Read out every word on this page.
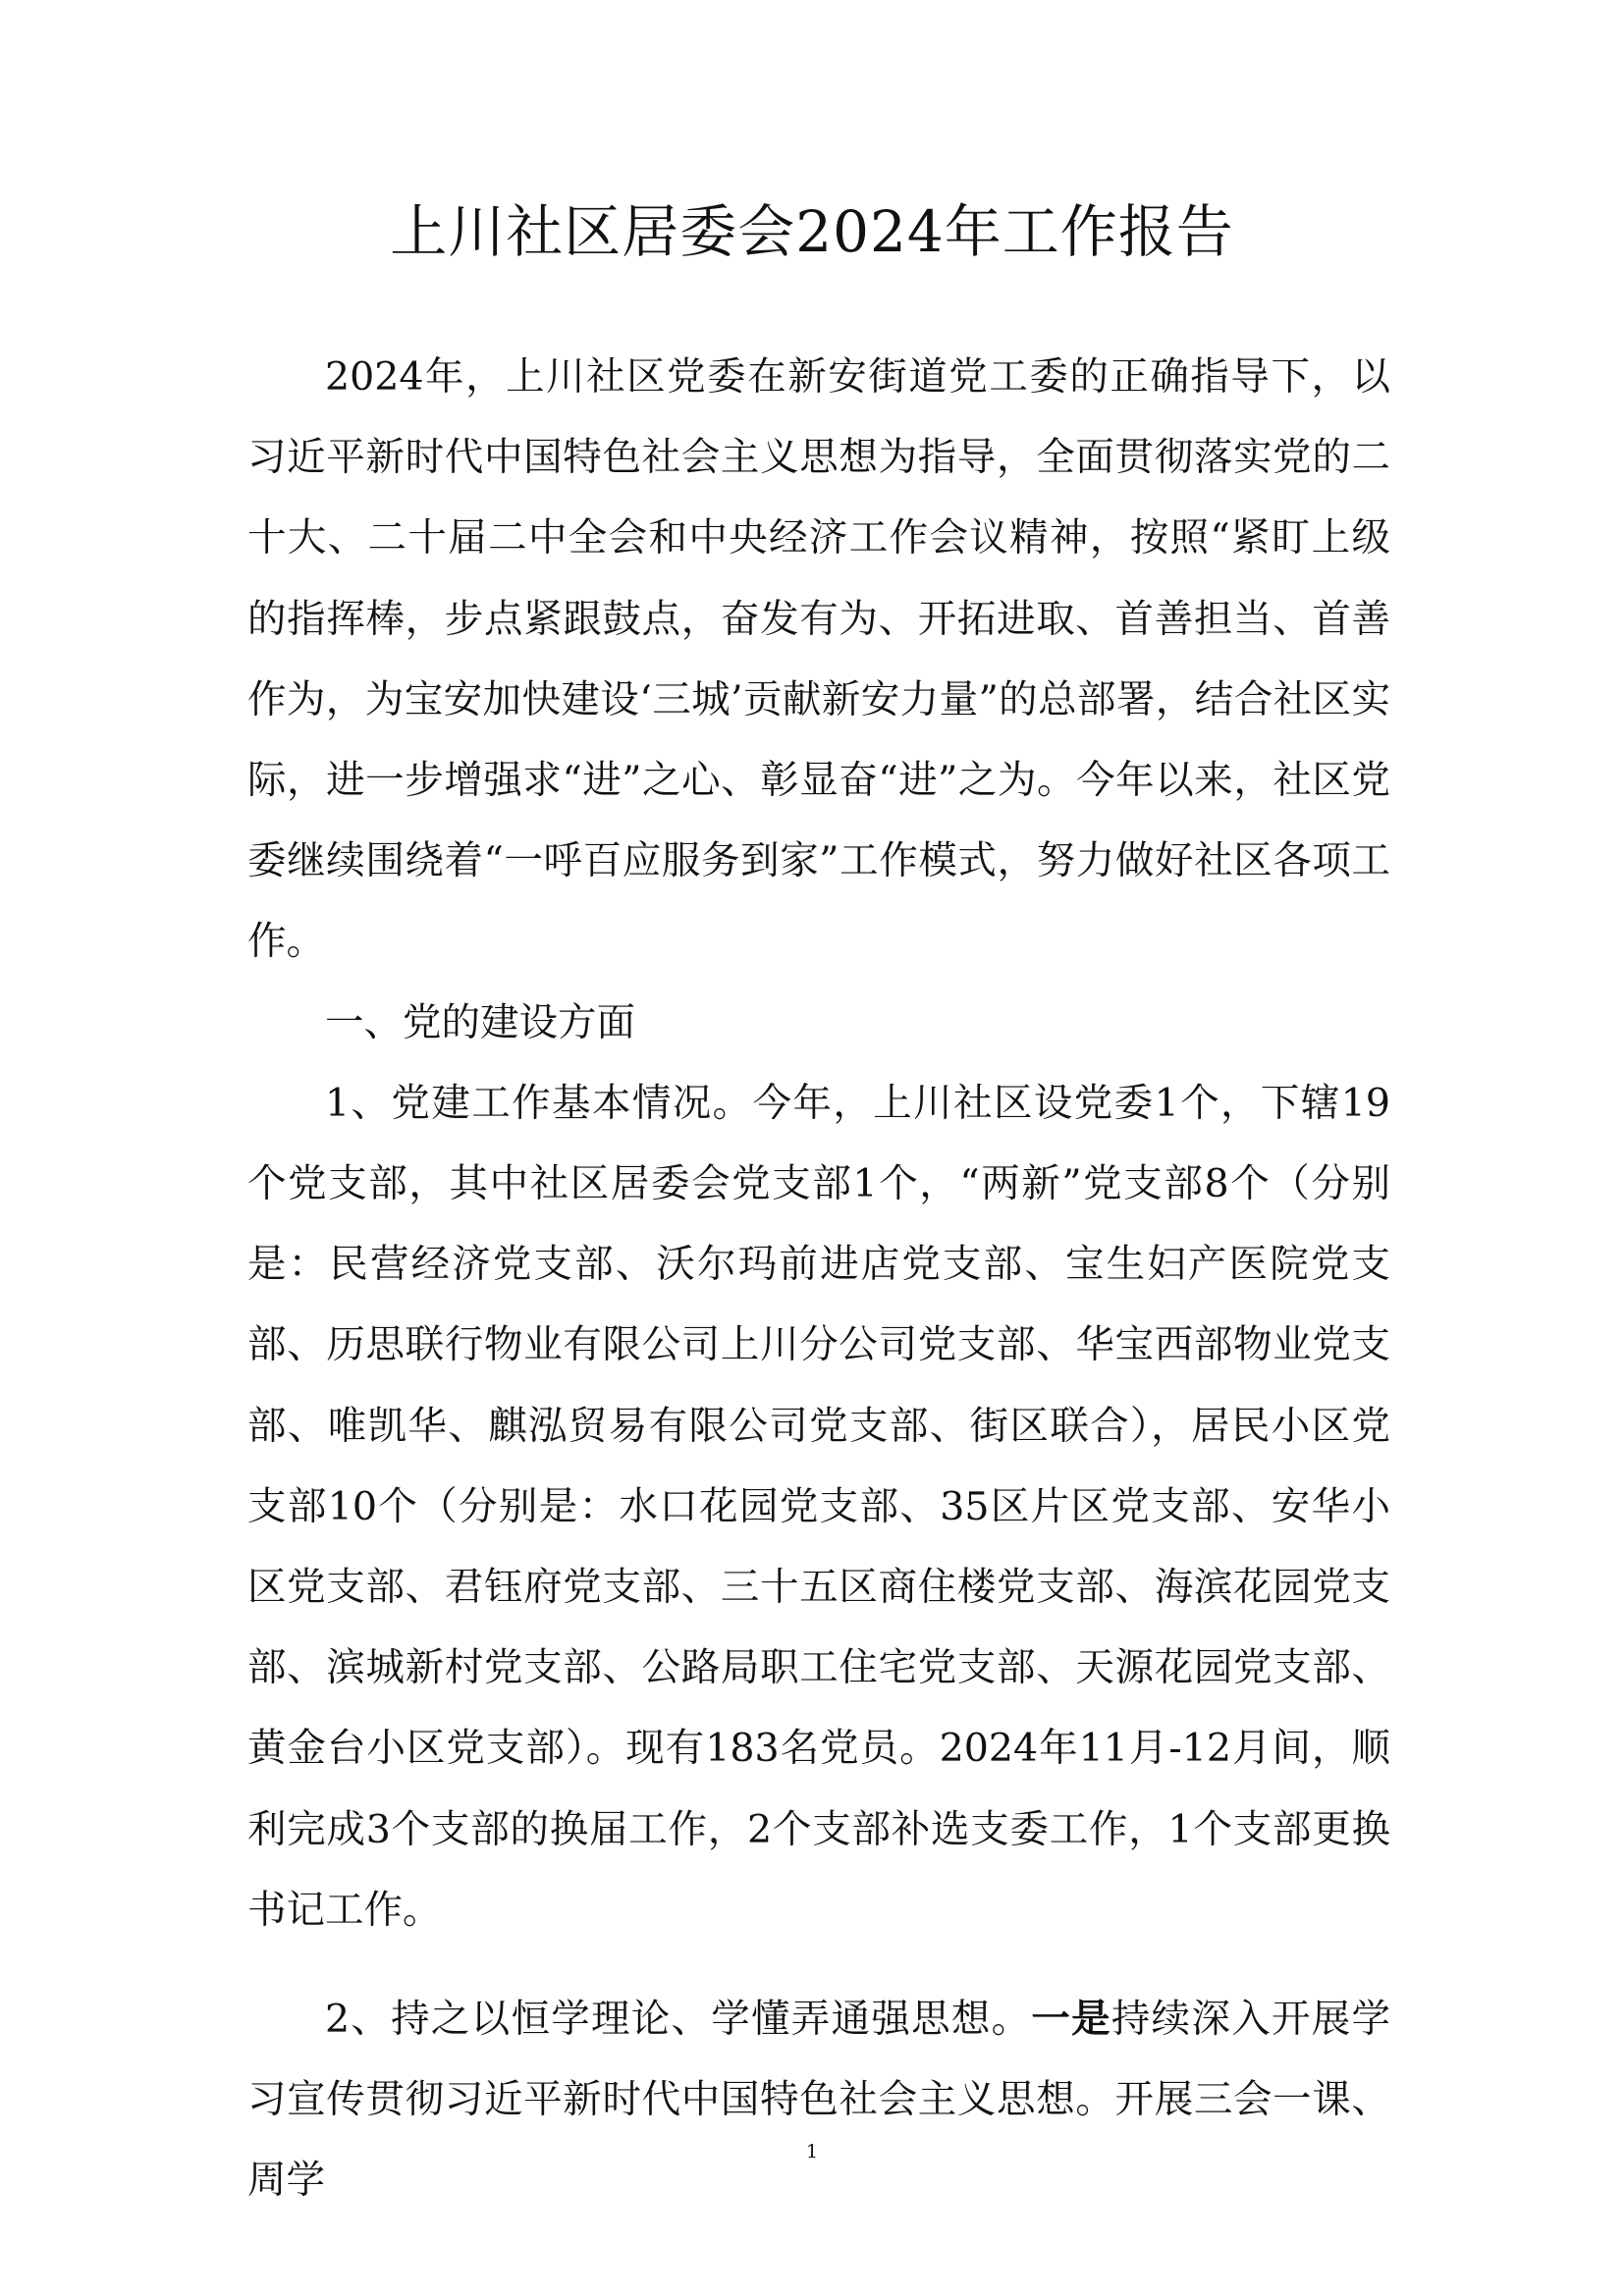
上川社区居委会2024年工作报告

2024年，上川社区党委在新安街道党工委的正确指导下，以习近平新时代中国特色社会主义思想为指导，全面贯彻落实党的二十大、二十届二中全会和中央经济工作会议精神，按照“紧盯上级的指挥棒，步点紧跟鼓点，奋发有为、开拓进取、首善担当、首善作为，为宝安加快建设‘三城’贡献新安力量”的总部署，结合社区实际，进一步增强求“进”之心、彰显奋“进”之为。今年以来，社区党委继续围绕着“一呼百应服务到家”工作模式，努力做好社区各项工作。

一、党的建设方面

1、党建工作基本情况。今年，上川社区设党委1个，下辖19个党支部，其中社区居委会党支部1个，“两新”党支部8个（分别是：民营经济党支部、沃尔玛前进店党支部、宝生妇产医院党支部、历思联行物业有限公司上川分公司党支部、华宝西部物业党支部、唯凯华、麒泓贸易有限公司党支部、街区联合），居民小区党支部10个（分别是：水口花园党支部、35区片区党支部、安华小区党支部、君钰府党支部、三十五区商住楼党支部、海滨花园党支部、滨城新村党支部、公路局职工住宅党支部、天源花园党支部、黄金台小区党支部）。现有183名党员。2024年11月-12月间，顺利完成3个支部的换届工作，2个支部补选支委工作，1个支部更换书记工作。

2、持之以恒学理论、学懂弄通强思想。一是持续深入开展学习宣传贯彻习近平新时代中国特色社会主义思想。开展三会一课、周学

1
